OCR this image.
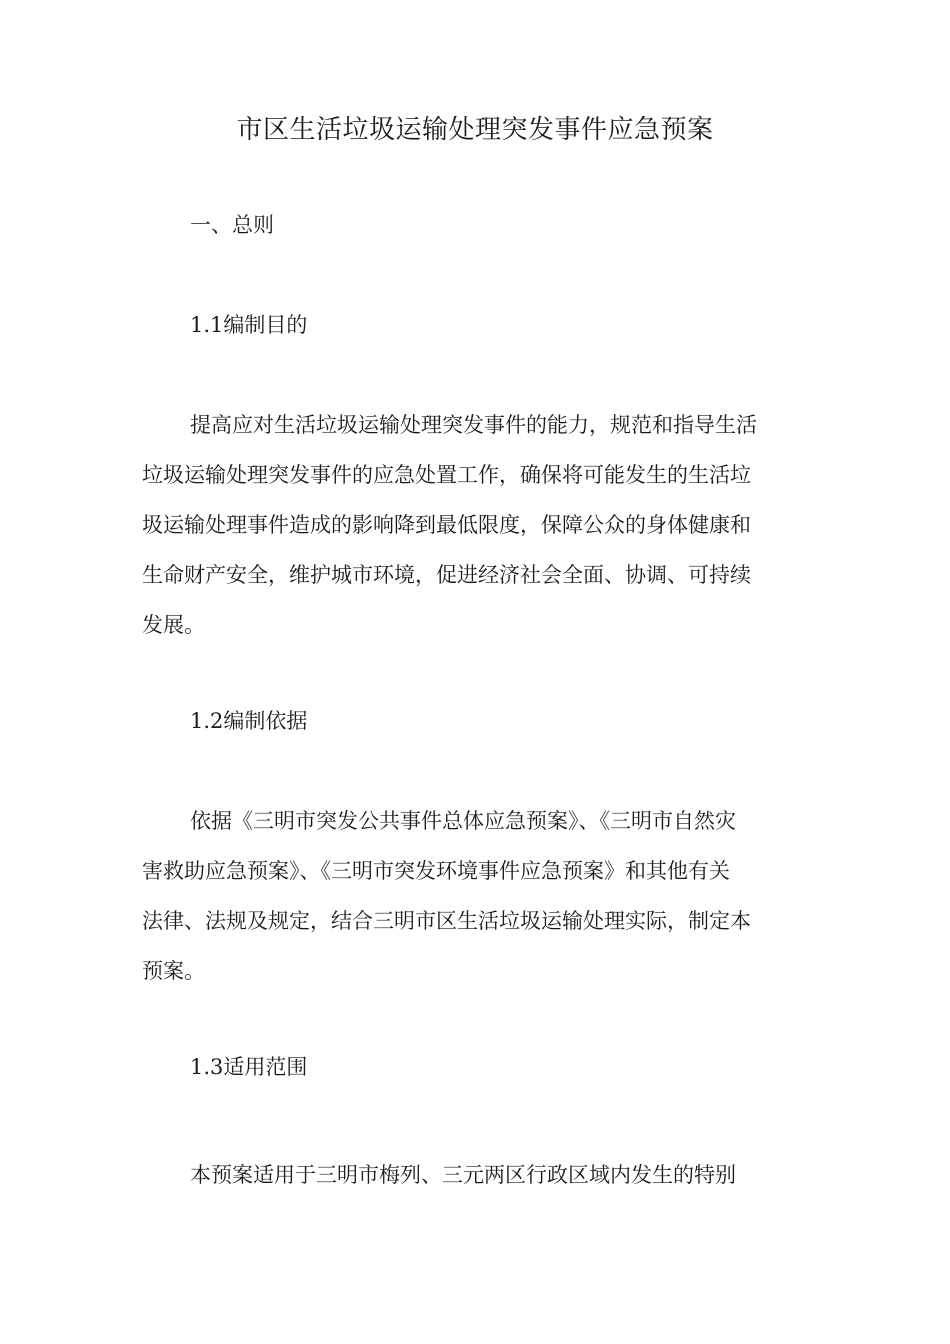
市区生活垃圾运输处理突发事件应急预案
一、总则
1.1编制目的
提高应对生活垃圾运输处理突发事件的能力，规范和指导生活
垃圾运输处理突发事件的应急处置工作，确保将可能发生的生活垃
圾运输处理事件造成的影响降到最低限度，保障公众的身体健康和
生命财产安全，维护城市环境，促进经济社会全面、协调、可持续
发展。
1.2编制依据
依据《三明市突发公共事件总体应急预案》、《三明市自然灾
害救助应急预案》、《三明市突发环境事件应急预案》和其他有关
法律、法规及规定，结合三明市区生活垃圾运输处理实际，制定本
预案。
1.3适用范围
本预案适用于三明市梅列、三元两区行政区域内发生的特别
